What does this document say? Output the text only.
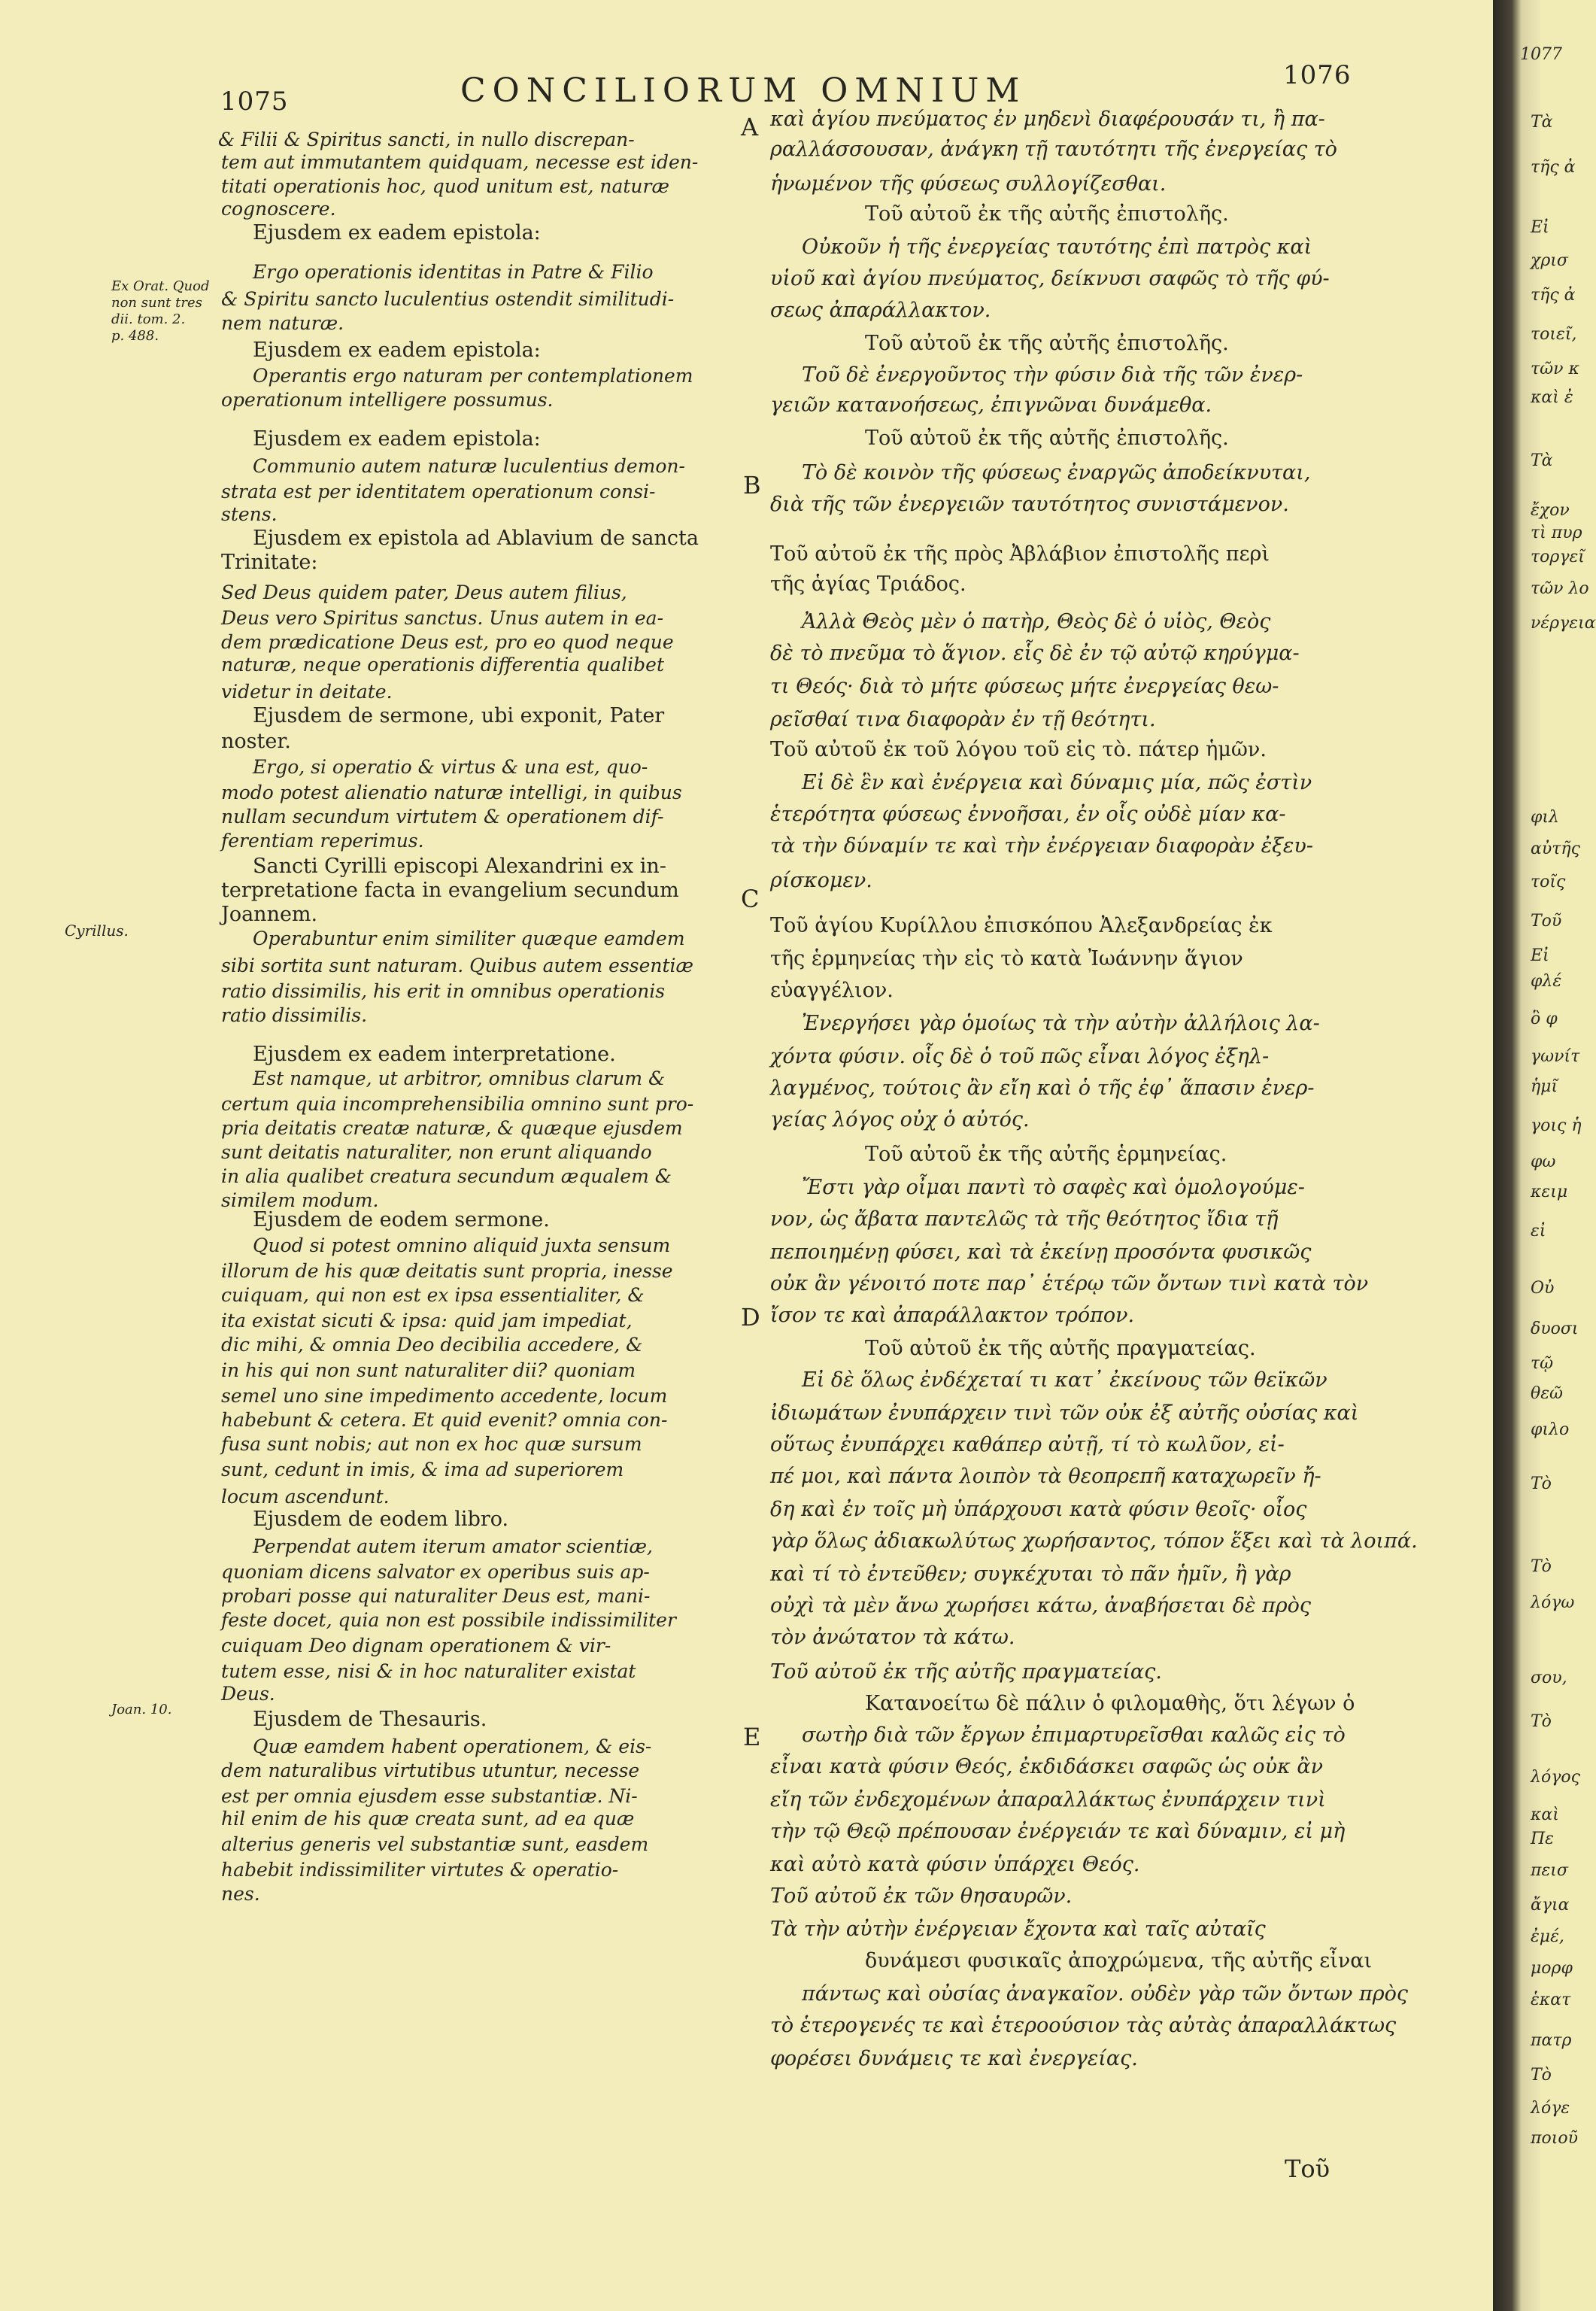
1075	CONCILIORUM OMNIUM	1076
Ex Orat. Quod
non sunt tres
dii. tom. 2.
p. 488.
Cyrillus.
Joan. 10.
A
B
C
D
E
& Filii & Spiritus sancti, in nullo discrepan-
tem aut immutantem quidquam, necesse est iden-
titati operationis hoc, quod unitum est, naturæ
cognoscere.
Ejusdem ex eadem epistola:
Ergo operationis identitas in Patre & Filio
& Spiritu sancto luculentius ostendit similitudi-
nem naturæ.
Ejusdem ex eadem epistola:
Operantis ergo naturam per contemplationem
operationum intelligere possumus.
Ejusdem ex eadem epistola:
Communio autem naturæ luculentius demon-
strata est per identitatem operationum consi-
stens.
Ejusdem ex epistola ad Ablavium de sancta
Trinitate:
Sed Deus quidem pater, Deus autem filius,
Deus vero Spiritus sanctus. Unus autem in ea-
dem prædicatione Deus est, pro eo quod neque
naturæ, neque operationis differentia qualibet
videtur in deitate.
Ejusdem de sermone, ubi exponit, Pater
noster.
Ergo, si operatio & virtus & una est, quo-
modo potest alienatio naturæ intelligi, in quibus
nullam secundum virtutem & operationem dif-
ferentiam reperimus.
Sancti Cyrilli episcopi Alexandrini ex in-
terpretatione facta in evangelium secundum
Joannem.
Operabuntur enim similiter quæque eamdem
sibi sortita sunt naturam. Quibus autem essentiæ
ratio dissimilis, his erit in omnibus operationis
ratio dissimilis.
Ejusdem ex eadem interpretatione.
Est namque, ut arbitror, omnibus clarum &
certum quia incomprehensibilia omnino sunt pro-
pria deitatis creatæ naturæ, & quæque ejusdem
sunt deitatis naturaliter, non erunt aliquando
in alia qualibet creatura secundum æqualem &
similem modum.
Ejusdem de eodem sermone.
Quod si potest omnino aliquid juxta sensum
illorum de his quæ deitatis sunt propria, inesse
cuiquam, qui non est ex ipsa essentialiter, &
ita existat sicuti & ipsa: quid jam impediat,
dic mihi, & omnia Deo decibilia accedere, &
in his qui non sunt naturaliter dii? quoniam
semel uno sine impedimento accedente, locum
habebunt & cetera. Et quid evenit? omnia con-
fusa sunt nobis; aut non ex hoc quæ sursum
sunt, cedunt in imis, & ima ad superiorem
locum ascendunt.
Ejusdem de eodem libro.
Perpendat autem iterum amator scientiæ,
quoniam dicens salvator ex operibus suis ap-
probari posse qui naturaliter Deus est, mani-
feste docet, quia non est possibile indissimiliter
cuiquam Deo dignam operationem & vir-
tutem esse, nisi & in hoc naturaliter existat
Deus.
Ejusdem de Thesauris.
Quæ eamdem habent operationem, & eis-
dem naturalibus virtutibus utuntur, necesse
est per omnia ejusdem esse substantiæ. Ni-
hil enim de his quæ creata sunt, ad ea quæ
alterius generis vel substantiæ sunt, easdem
habebit indissimiliter virtutes & operatio-
nes.
καὶ ἁγίου πνεύματος ἐν μηδενὶ διαφέρουσάν τι, ἢ πα-
ραλλάσσουσαν, ἀνάγκη τῇ ταυτότητι τῆς ἐνεργείας τὸ
ἡνωμένον τῆς φύσεως συλλογίζεσθαι.
Τοῦ αὐτοῦ ἐκ τῆς αὐτῆς ἐπιστολῆς.
Οὐκοῦν ἡ τῆς ἐνεργείας ταυτότης ἐπὶ πατρὸς καὶ
υἱοῦ καὶ ἁγίου πνεύματος, δείκνυσι σαφῶς τὸ τῆς φύ-
σεως ἀπαράλλακτον.
Τοῦ αὐτοῦ ἐκ τῆς αὐτῆς ἐπιστολῆς.
Τοῦ δὲ ἐνεργοῦντος τὴν φύσιν διὰ τῆς τῶν ἐνερ-
γειῶν κατανοήσεως, ἐπιγνῶναι δυνάμεθα.
Τοῦ αὐτοῦ ἐκ τῆς αὐτῆς ἐπιστολῆς.
Τὸ δὲ κοινὸν τῆς φύσεως ἐναργῶς ἀποδείκνυται,
διὰ τῆς τῶν ἐνεργειῶν ταυτότητος συνιστάμενον.
Τοῦ αὐτοῦ ἐκ τῆς πρὸς Ἀβλάβιον ἐπιστολῆς περὶ
τῆς ἁγίας Τριάδος.
Ἀλλὰ Θεὸς μὲν ὁ πατὴρ, Θεὸς δὲ ὁ υἱὸς, Θεὸς
δὲ τὸ πνεῦμα τὸ ἅγιον. εἷς δὲ ἐν τῷ αὐτῷ κηρύγμα-
τι Θεός· διὰ τὸ μήτε φύσεως μήτε ἐνεργείας θεω-
ρεῖσθαί τινα διαφορὰν ἐν τῇ θεότητι.
Τοῦ αὐτοῦ ἐκ τοῦ λόγου τοῦ εἰς τὸ. πάτερ ἡμῶν.
Εἰ δὲ ἓν καὶ ἐνέργεια καὶ δύναμις μία, πῶς ἐστὶν
ἑτερότητα φύσεως ἐννοῆσαι, ἐν οἷς οὐδὲ μίαν κα-
τὰ τὴν δύναμίν τε καὶ τὴν ἐνέργειαν διαφορὰν ἐξευ-
ρίσκομεν.
Τοῦ ἁγίου Κυρίλλου ἐπισκόπου Ἀλεξανδρείας ἐκ
τῆς ἑρμηνείας τὴν εἰς τὸ κατὰ Ἰωάννην ἅγιον
εὐαγγέλιον.
Ἐνεργήσει γὰρ ὁμοίως τὰ τὴν αὐτὴν ἀλλήλοις λα-
χόντα φύσιν. οἷς δὲ ὁ τοῦ πῶς εἶναι λόγος ἐξηλ-
λαγμένος, τούτοις ἂν εἴη καὶ ὁ τῆς ἐφ᾽ ἅπασιν ἐνερ-
γείας λόγος οὐχ ὁ αὐτός.
Τοῦ αὐτοῦ ἐκ τῆς αὐτῆς ἑρμηνείας.
Ἔστι γὰρ οἶμαι παντὶ τὸ σαφὲς καὶ ὁμολογούμε-
νον, ὡς ἄβατα παντελῶς τὰ τῆς θεότητος ἴδια τῇ
πεποιημένῃ φύσει, καὶ τὰ ἐκείνῃ προσόντα φυσικῶς
οὐκ ἂν γένοιτό ποτε παρ᾽ ἑτέρῳ τῶν ὄντων τινὶ κατὰ τὸν
ἴσον τε καὶ ἀπαράλλακτον τρόπον.
Τοῦ αὐτοῦ ἐκ τῆς αὐτῆς πραγματείας.
Εἰ δὲ ὅλως ἐνδέχεταί τι κατ᾽ ἐκείνους τῶν θεϊκῶν
ἰδιωμάτων ἐνυπάρχειν τινὶ τῶν οὐκ ἐξ αὐτῆς οὐσίας καὶ
οὕτως ἐνυπάρχει καθάπερ αὐτῇ, τί τὸ κωλῦον, εἰ-
πέ μοι, καὶ πάντα λοιπὸν τὰ θεοπρεπῆ καταχωρεῖν ἤ-
δη καὶ ἐν τοῖς μὴ ὑπάρχουσι κατὰ φύσιν θεοῖς· οἷος
γὰρ ὅλως ἀδιακωλύτως χωρήσαντος, τόπον ἕξει καὶ τὰ λοιπά.
καὶ τί τὸ ἐντεῦθεν; συγκέχυται τὸ πᾶν ἡμῖν, ἢ γὰρ
οὐχὶ τὰ μὲν ἄνω χωρήσει κάτω, ἀναβήσεται δὲ πρὸς
τὸν ἀνώτατον τὰ κάτω.
Τοῦ αὐτοῦ ἐκ τῆς αὐτῆς πραγματείας.
Κατανοείτω δὲ πάλιν ὁ φιλομαθὴς, ὅτι λέγων ὁ
σωτὴρ διὰ τῶν ἔργων ἐπιμαρτυρεῖσθαι καλῶς εἰς τὸ
εἶναι κατὰ φύσιν Θεός, ἐκδιδάσκει σαφῶς ὡς οὐκ ἂν
εἴη τῶν ἐνδεχομένων ἀπαραλλάκτως ἐνυπάρχειν τινὶ
τὴν τῷ Θεῷ πρέπουσαν ἐνέργειάν τε καὶ δύναμιν, εἰ μὴ
καὶ αὐτὸ κατὰ φύσιν ὑπάρχει Θεός.
Τοῦ αὐτοῦ ἐκ τῶν θησαυρῶν.
Τὰ τὴν αὐτὴν ἐνέργειαν ἔχοντα καὶ ταῖς αὐταῖς
δυνάμεσι φυσικαῖς ἀποχρώμενα, τῆς αὐτῆς εἶναι
πάντως καὶ οὐσίας ἀναγκαῖον. οὐδὲν γὰρ τῶν ὄντων πρὸς
τὸ ἑτερογενές τε καὶ ἑτεροούσιον τὰς αὐτὰς ἀπαραλλάκτως
φορέσει δυνάμεις τε καὶ ἐνεργείας.
Τοῦ
1077
Τὰ
τῆς ἀ
Εἰ
χρισ
τῆς ἀ
τοιεῖ,
τῶν κ
καὶ ἐ
Τὰ
ἔχον
τὶ πυρ
τοργεῖ
τῶν λο
νέργεια
φιλ
αὐτῆς
τοῖς
Τοῦ
Εἰ
φλέ
ὃ φ
γωνίτ
ἡμῖ
γοις ἡ
φω
κειμ
εἰ
Οὐ
δυοσι
τῷ
θεῶ
φιλο
Τὸ
Τὸ
λόγω
σου,
Τὸ
λόγος
καὶ
Πε
πεισ
ἄγια
ἐμέ,
μορφ
ἑκατ
πατρ
Τὸ
λόγε
ποιοῦ
